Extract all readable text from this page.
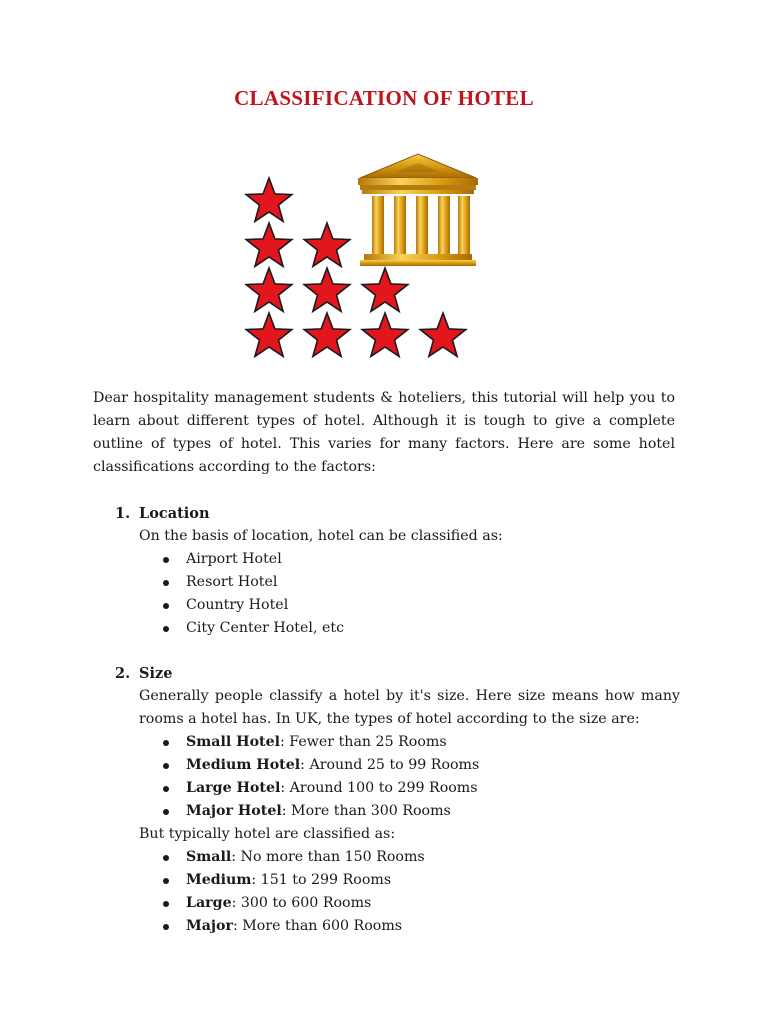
CLASSIFICATION OF HOTEL

Dear hospitality management students & hoteliers, this tutorial will help you to learn about different types of hotel. Although it is tough to give a complete outline of types of hotel. This varies for many factors. Here are some hotel classifications according to the factors:

1. Location

On the basis of location, hotel can be classified as:

Airport Hotel
Resort Hotel
Country Hotel
City Center Hotel, etc
2. Size

Generally people classify a hotel by it's size. Here size means how many rooms a hotel has. In UK, the types of hotel according to the size are:

Small Hotel: Fewer than 25 Rooms
Medium Hotel: Around 25 to 99 Rooms
Large Hotel: Around 100 to 299 Rooms
Major Hotel: More than 300 Rooms

But typically hotel are classified as:

Small: No more than 150 Rooms
Medium: 151 to 299 Rooms
Large: 300 to 600 Rooms
Major: More than 600 Rooms
